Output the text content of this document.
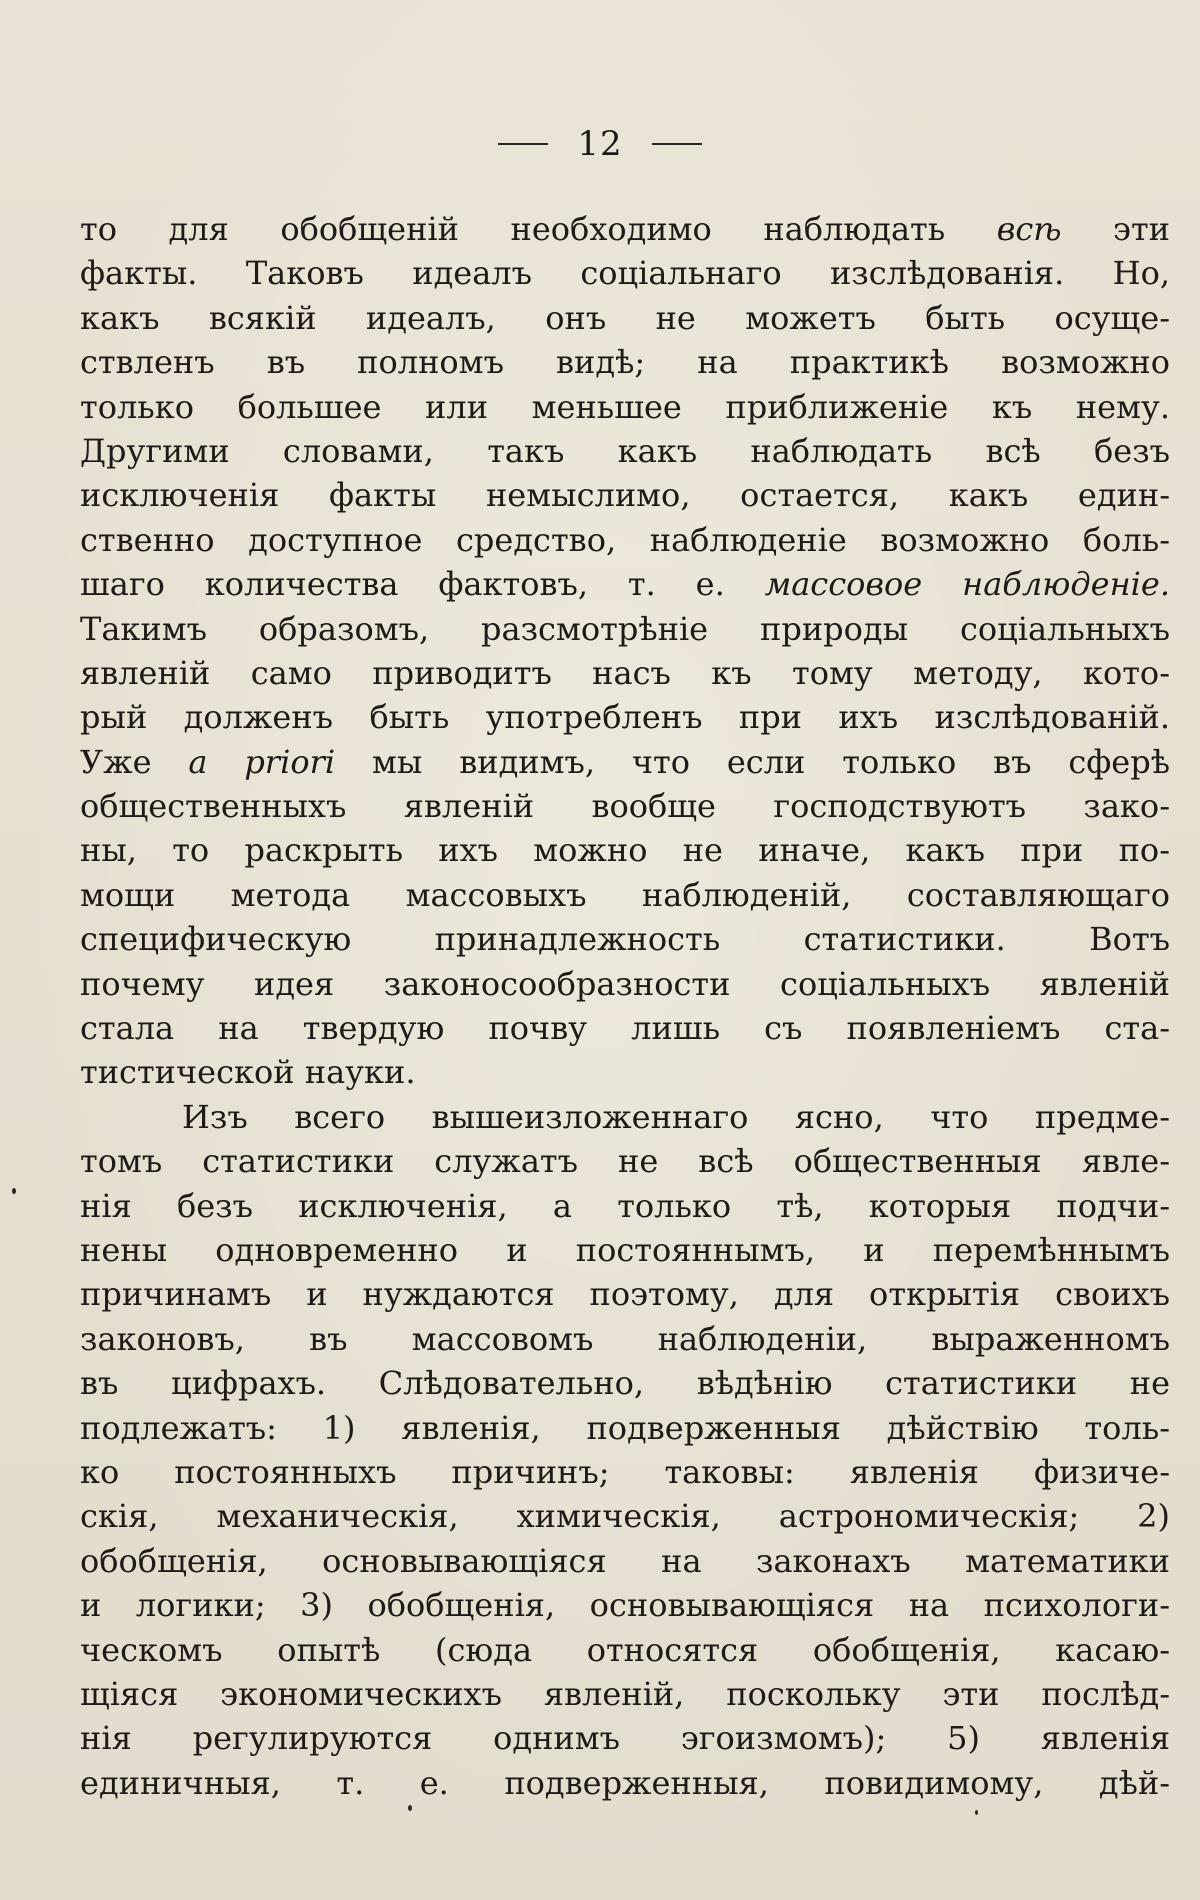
12
то для обобщеній необходимо наблюдать всѣ эти
факты. Таковъ идеалъ соціальнаго изслѣдованія. Но,
какъ всякій идеалъ, онъ не можетъ быть осуще-
ствленъ въ полномъ видѣ; на практикѣ возможно
только большее или меньшее приближеніе къ нему.
Другими словами, такъ какъ наблюдать всѣ безъ
исключенія факты немыслимо, остается, какъ един-
ственно доступное средство, наблюденіе возможно боль-
шаго количества фактовъ, т. е. массовое наблюденіе.
Такимъ образомъ, разсмотрѣніе природы соціальныхъ
явленій само приводитъ насъ къ тому методу, кото-
рый долженъ быть употребленъ при ихъ изслѣдованій.
Уже a priori мы видимъ, что если только въ сферѣ
общественныхъ явленій вообще господствуютъ зако-
ны, то раскрыть ихъ можно не иначе, какъ при по-
мощи метода массовыхъ наблюденій, составляющаго
специфическую принадлежность статистики. Вотъ
почему идея законосообразности соціальныхъ явленій
стала на твердую почву лишь съ появленіемъ ста-
тистической науки.
Изъ всего вышеизложеннаго ясно, что предме-
томъ статистики служатъ не всѣ общественныя явле-
нія безъ исключенія, а только тѣ, которыя подчи-
нены одновременно и постояннымъ, и перемѣннымъ
причинамъ и нуждаются поэтому, для открытія своихъ
законовъ, въ массовомъ наблюденіи, выраженномъ
въ цифрахъ. Слѣдовательно, вѣдѣнію статистики не
подлежатъ: 1) явленія, подверженныя дѣйствію толь-
ко постоянныхъ причинъ; таковы: явленія физиче-
скія, механическія, химическія, астрономическія; 2)
обобщенія, основывающіяся на законахъ математики
и логики; 3) обобщенія, основывающіяся на психологи-
ческомъ опытѣ (сюда относятся обобщенія, касаю-
щіяся экономическихъ явленій, поскольку эти послѣд-
нія регулируются однимъ эгоизмомъ); 5) явленія
единичныя, т. е. подверженныя, повидимому, дѣй-
